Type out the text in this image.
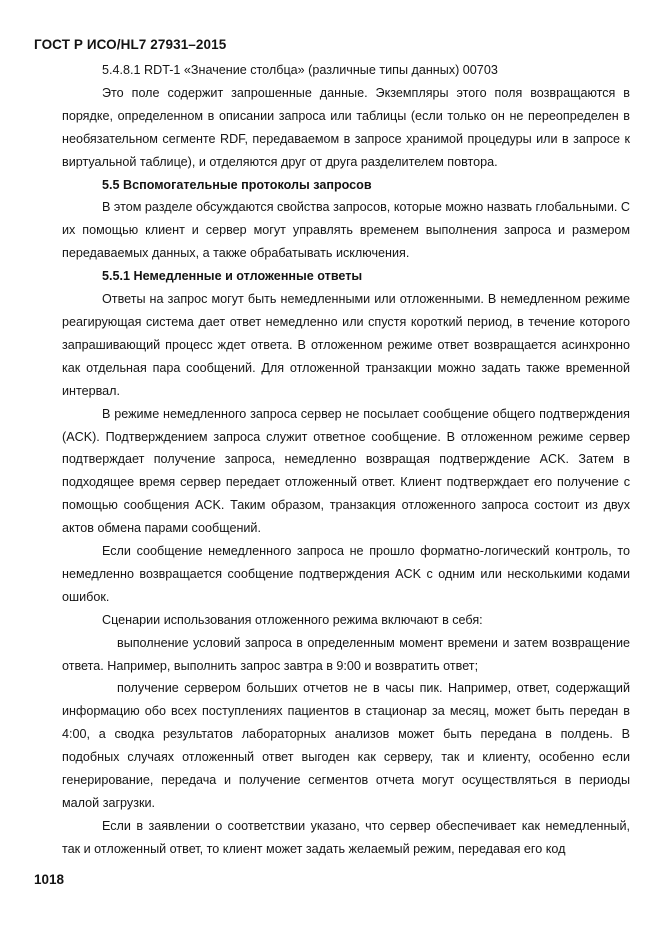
ГОСТ Р ИСО/HL7 27931–2015

5.4.8.1 RDT-1 «Значение столбца» (различные типы данных) 00703

Это поле содержит запрошенные данные. Экземпляры этого поля возвращаются в порядке, определенном в описании запроса или таблицы (если только он не переопределен в необязательном сегменте RDF, передаваемом в запросе хранимой процедуры или в запросе к виртуальной таблице), и отделяются друг от друга разделителем повтора.

5.5 Вспомогательные протоколы запросов

В этом разделе обсуждаются свойства запросов, которые можно назвать глобальными. С их помощью клиент и сервер могут управлять временем выполнения запроса и размером передаваемых данных, а также обрабатывать исключения.

5.5.1 Немедленные и отложенные ответы

Ответы на запрос могут быть немедленными или отложенными. В немедленном режиме реагирующая система дает ответ немедленно или спустя короткий период, в течение которого запрашивающий процесс ждет ответа. В отложенном режиме ответ возвращается асинхронно как отдельная пара сообщений. Для отложенной транзакции можно задать также временной интервал.

В режиме немедленного запроса сервер не посылает сообщение общего подтверждения (ACK). Подтверждением запроса служит ответное сообщение. В отложенном режиме сервер подтверждает получение запроса, немедленно возвращая подтверждение ACK. Затем в подходящее время сервер передает отложенный ответ. Клиент подтверждает его получение с помощью сообщения ACK. Таким образом, транзакция отложенного запроса состоит из двух актов обмена парами сообщений.

Если сообщение немедленного запроса не прошло форматно-логический контроль, то немедленно возвращается сообщение подтверждения ACK с одним или несколькими кодами ошибок.

Сценарии использования отложенного режима включают в себя:

выполнение условий запроса в определенным момент времени и затем возвращение ответа. Например, выполнить запрос завтра в 9:00 и возвратить ответ;

получение сервером больших отчетов не в часы пик. Например, ответ, содержащий информацию обо всех поступлениях пациентов в стационар за месяц, может быть передан в 4:00, а сводка результатов лабораторных анализов может быть передана в полдень. В подобных случаях отложенный ответ выгоден как серверу, так и клиенту, особенно если генерирование, передача и получение сегментов отчета могут осуществляться в периоды малой загрузки.

Если в заявлении о соответствии указано, что сервер обеспечивает как немедленный, так и отложенный ответ, то клиент может задать желаемый режим, передавая его код

1018
